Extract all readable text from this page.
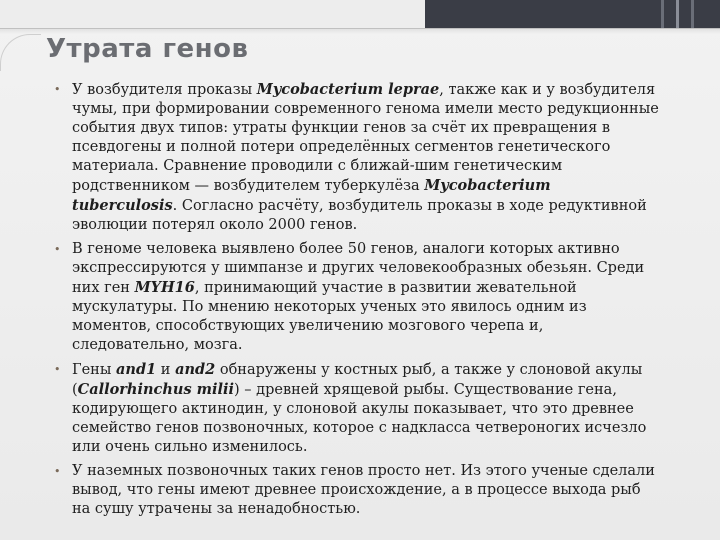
Утрата генов
• У возбудителя проказы Mycobacterium leprae, также как и у возбудителя чумы, при формировании современного генома имели место редукционные события двух типов: утраты функции генов за счёт их превращения в псевдогены и полной потери определённых сегментов генетического материала. Сравнение проводили с ближай-шим генетическим родственником — возбудителем туберкулёза Mycobacterium tuberculosis. Согласно расчёту, возбудитель проказы в ходе редуктивной эволюции потерял около 2000 генов.
• В геноме человека выявлено более 50 генов, аналоги которых активно экспрессируются у шимпанзе и других человекообразных обезьян. Среди них ген MYH16, принимающий участие в развитии жевательной мускулатуры. По мнению некоторых ученых это явилось одним из моментов, способствующих увеличению мозгового черепа и, следовательно, мозга.
• Гены and1 и and2 обнаружены у костных рыб, а также у слоновой акулы (Callorhinchus milii) – древней хрящевой рыбы. Существование гена, кодирующего актинодин, у слоновой акулы показывает, что это древнее семейство генов позвоночных, которое с надкласса четвероногих исчезло или очень сильно изменилось.
• У наземных позвоночных таких генов просто нет. Из этого ученые сделали вывод, что гены имеют древнее происхождение, а в процессе выхода рыб на сушу утрачены за ненадобностью.
